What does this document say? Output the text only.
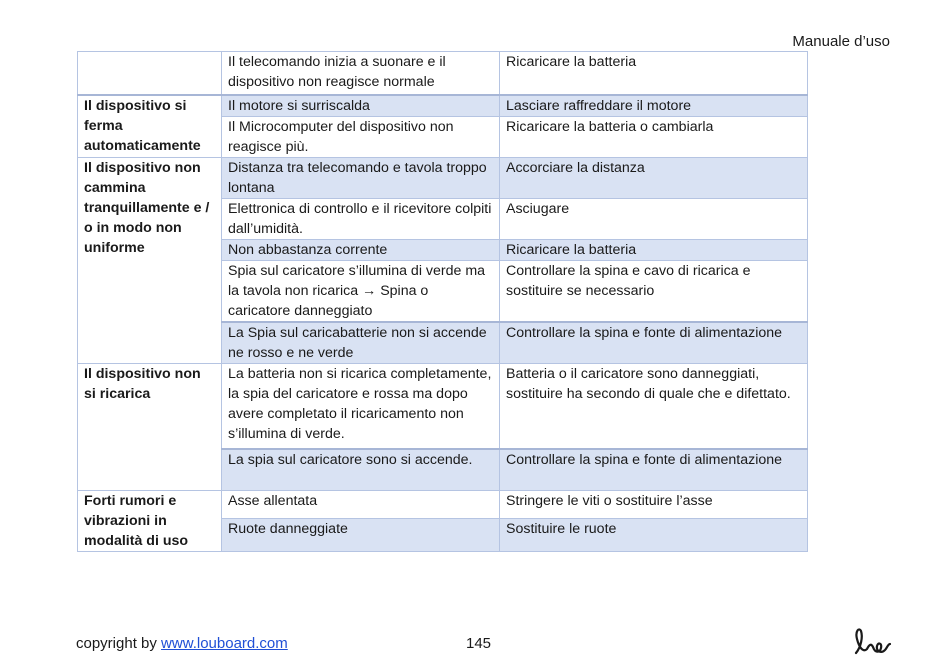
Manuale d’uso
	Il telecomando inizia a suonare e il dispositivo non reagisce normale	Ricaricare la batteria
Il dispositivo si ferma automaticamente	Il motore si surriscalda	Lasciare raffreddare il motore
	Il Microcomputer del dispositivo non reagisce più.	Ricaricare la batteria o cambiarla
Il dispositivo non cammina tranquillamente e / o in modo non uniforme	Distanza tra telecomando e tavola troppo lontana	Accorciare la distanza
	Elettronica di controllo e il ricevitore colpiti dall’umidità.	Asciugare
	Non abbastanza corrente	Ricaricare la batteria
	Spia sul caricatore s’illumina di verde ma la tavola non ricarica → Spina o caricatore danneggiato	Controllare la spina e cavo di ricarica e sostituire se necessario
	La Spia sul caricabatterie non si accende ne rosso e ne verde	Controllare la spina e fonte di alimentazione
Il dispositivo non si ricarica	La batteria non si ricarica completamente, la spia del caricatore e rossa ma dopo avere completato il ricaricamento non s’illumina di verde.	Batteria o il caricatore sono danneggiati, sostituire ha secondo di quale che e difettato.
	La spia sul caricatore sono si accende.	Controllare la spina e fonte di alimentazione
Forti rumori e vibrazioni in modalità di uso	Asse allentata	Stringere le viti o sostituire l’asse
	Ruote danneggiate	Sostituire le ruote
copyright by www.louboard.com	145
